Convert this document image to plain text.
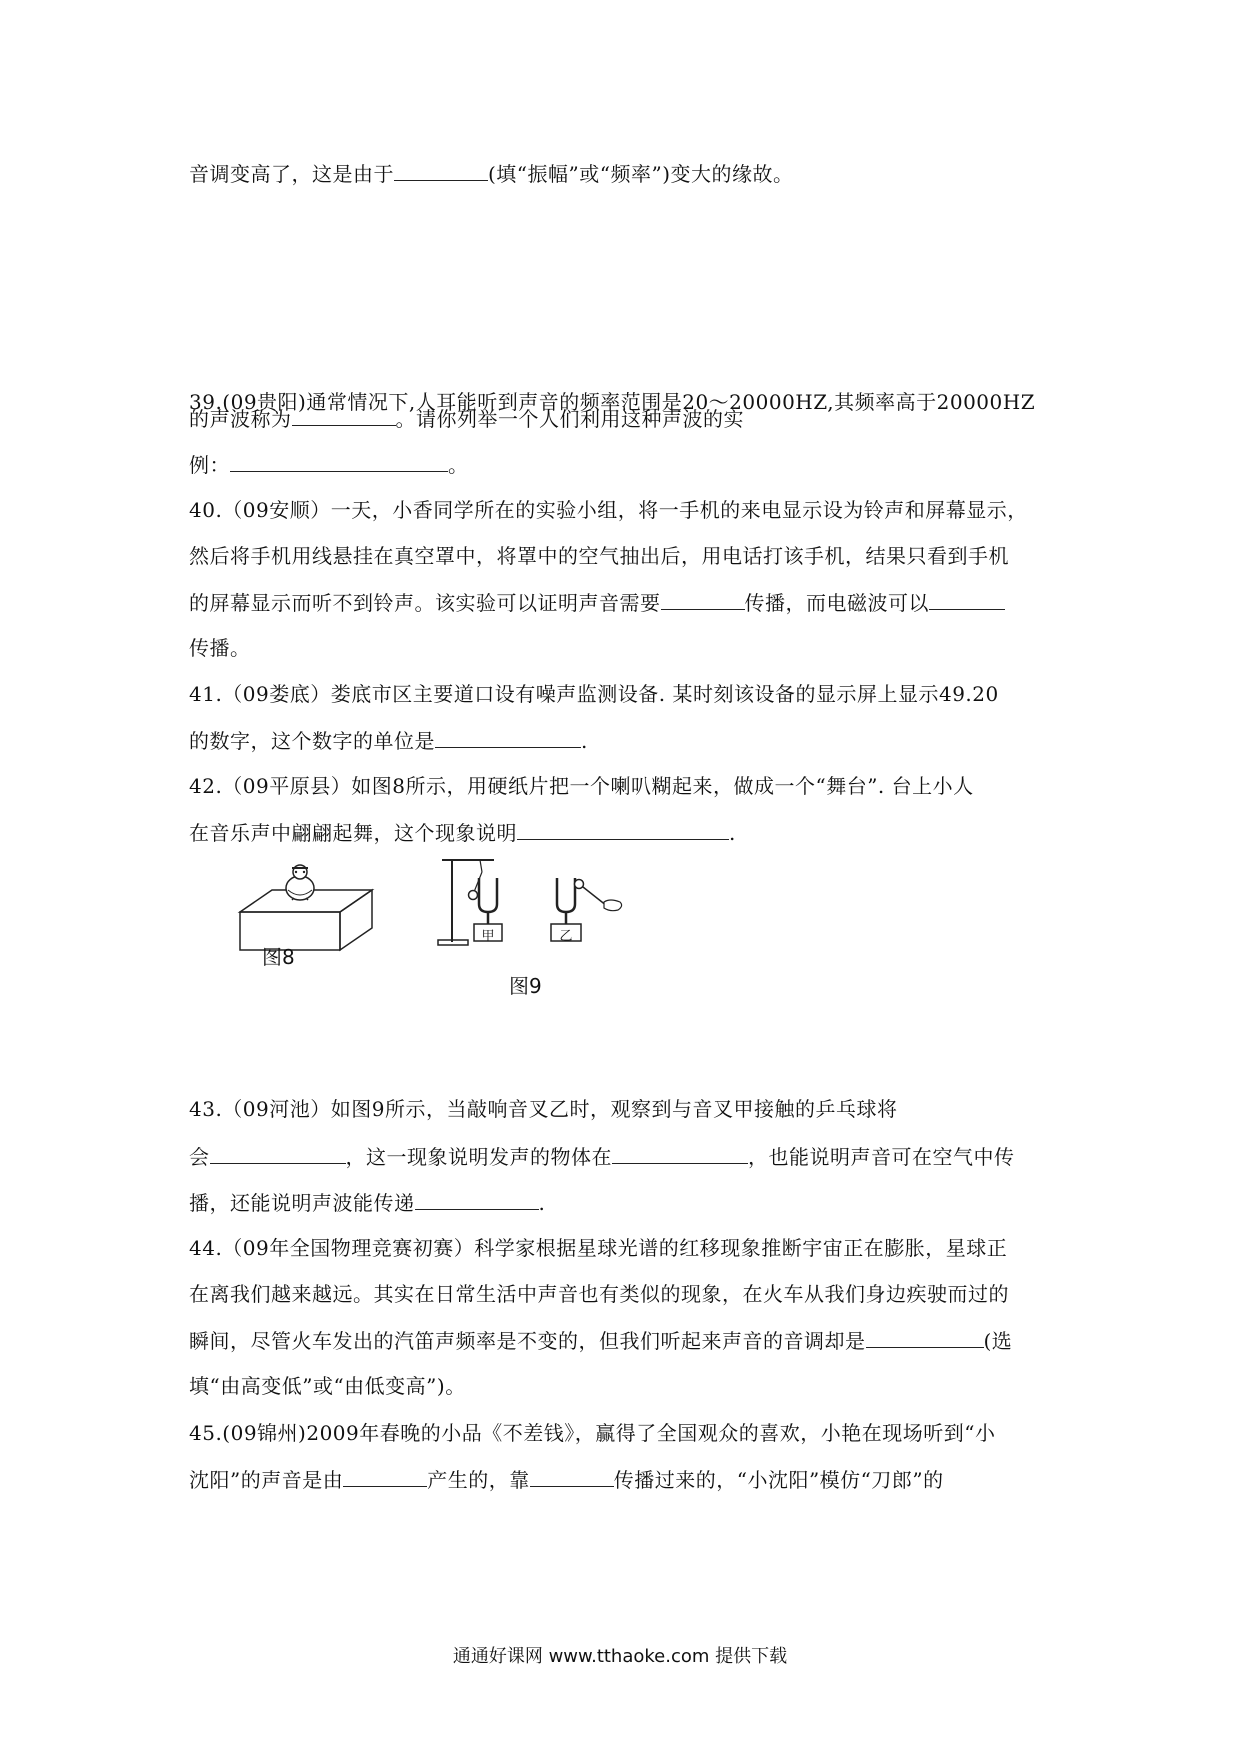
音调变高了，这是由于	(填“振幅”或“频率”)变大的缘故。
39.(09贵阳)通常情况下,人耳能听到声音的频率范围是20～20000HZ,其频率高于20000HZ
的声波称为	。请你列举一个人们利用这种声波的实
例：	。
40.（09安顺）一天，小香同学所在的实验小组，将一手机的来电显示设为铃声和屏幕显示，
然后将手机用线悬挂在真空罩中，将罩中的空气抽出后，用电话打该手机，结果只看到手机
的屏幕显示而听不到铃声。该实验可以证明声音需要	传播，而电磁波可以
传播。
41.（09娄底）娄底市区主要道口设有噪声监测设备. 某时刻该设备的显示屏上显示49.20
的数字，这个数字的单位是	.
42.（09平原县）如图8所示，用硬纸片把一个喇叭糊起来，做成一个“舞台”. 台上小人
在音乐声中翩翩起舞，这个现象说明	.
图8
甲	乙
图9
43.（09河池）如图9所示，当敲响音叉乙时，观察到与音叉甲接触的乒乓球将
会	，这一现象说明发声的物体在	，也能说明声音可在空气中传
播，还能说明声波能传递	.
44.（09年全国物理竞赛初赛）科学家根据星球光谱的红移现象推断宇宙正在膨胀，星球正
在离我们越来越远。其实在日常生活中声音也有类似的现象，在火车从我们身边疾驶而过的
瞬间，尽管火车发出的汽笛声频率是不变的，但我们听起来声音的音调却是	(选
填“由高变低”或“由低变高”)。
45.(09锦州)2009年春晚的小品《不差钱》，赢得了全国观众的喜欢，小艳在现场听到“小
沈阳”的声音是由	产生的，靠	传播过来的，“小沈阳”模仿“刀郎”的
通通好课网 www.tthaoke.com 提供下载
